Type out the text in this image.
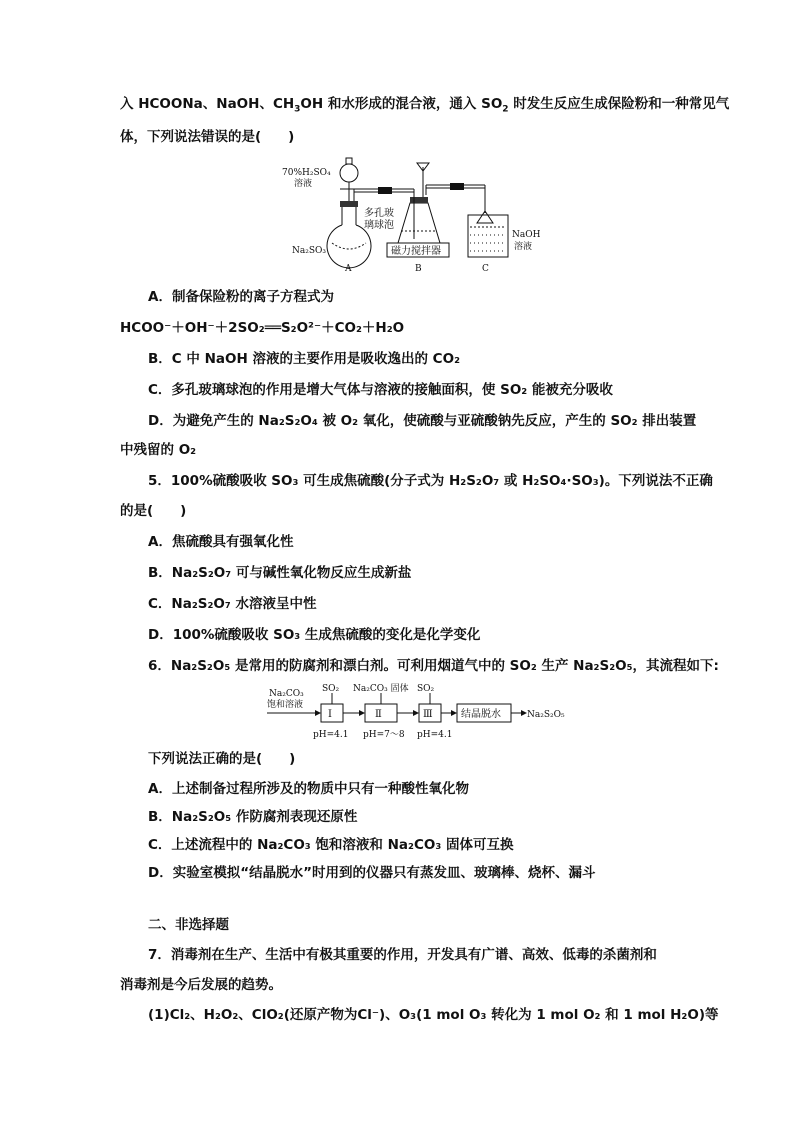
入 HCOONa、NaOH、$CH_3OH$ 和水形成的混合液，通入 $SO_2$ 时发生反应生成保险粉和一种常见气
体，下列说法错误的是(　　)
70%H₂SO₄
溶液
Na₂SO₃
A
多孔玻
璃球泡
磁力搅拌器
B
NaOH
溶液
C
A．制备保险粉的离子方程式为
HCOO⁻＋OH⁻＋2SO₂══S₂O²⁻＋CO₂＋H₂O
B．C 中 NaOH 溶液的主要作用是吸收逸出的 CO₂
C．多孔玻璃球泡的作用是增大气体与溶液的接触面积，使 SO₂ 能被充分吸收
D．为避免产生的 Na₂S₂O₄ 被 O₂ 氧化，使硫酸与亚硫酸钠先反应，产生的 SO₂ 排出装置
中残留的 O₂
5．100%硫酸吸收 SO₃ 可生成焦硫酸(分子式为 H₂S₂O₇ 或 H₂SO₄·SO₃)。下列说法不正确
的是(　　)
A．焦硫酸具有强氧化性
B．Na₂S₂O₇ 可与碱性氧化物反应生成新盐
C．Na₂S₂O₇ 水溶液呈中性
D．100%硫酸吸收 SO₃ 生成焦硫酸的变化是化学变化
6．Na₂S₂O₅ 是常用的防腐剂和漂白剂。可利用烟道气中的 SO₂ 生产 Na₂S₂O₅，其流程如下:
Na₂CO₃
饱和溶液
Ⅰ
SO₂
Ⅱ
Na₂CO₃ 固体
Ⅲ
SO₂
结晶脱水	Na₂S₂O₅
pH=4.1 pH=7～8 pH=4.1
下列说法正确的是(　　)
A．上述制备过程所涉及的物质中只有一种酸性氧化物
B．Na₂S₂O₅ 作防腐剂表现还原性
C．上述流程中的 Na₂CO₃ 饱和溶液和 Na₂CO₃ 固体可互换
D．实验室模拟“结晶脱水”时用到的仪器只有蒸发皿、玻璃棒、烧杯、漏斗
二、非选择题
7．消毒剂在生产、生活中有极其重要的作用，开发具有广谱、高效、低毒的杀菌剂和
消毒剂是今后发展的趋势。
(1)Cl₂、H₂O₂、ClO₂(还原产物为Cl⁻)、O₃(1 mol O₃ 转化为 1 mol O₂ 和 1 mol H₂O)等
